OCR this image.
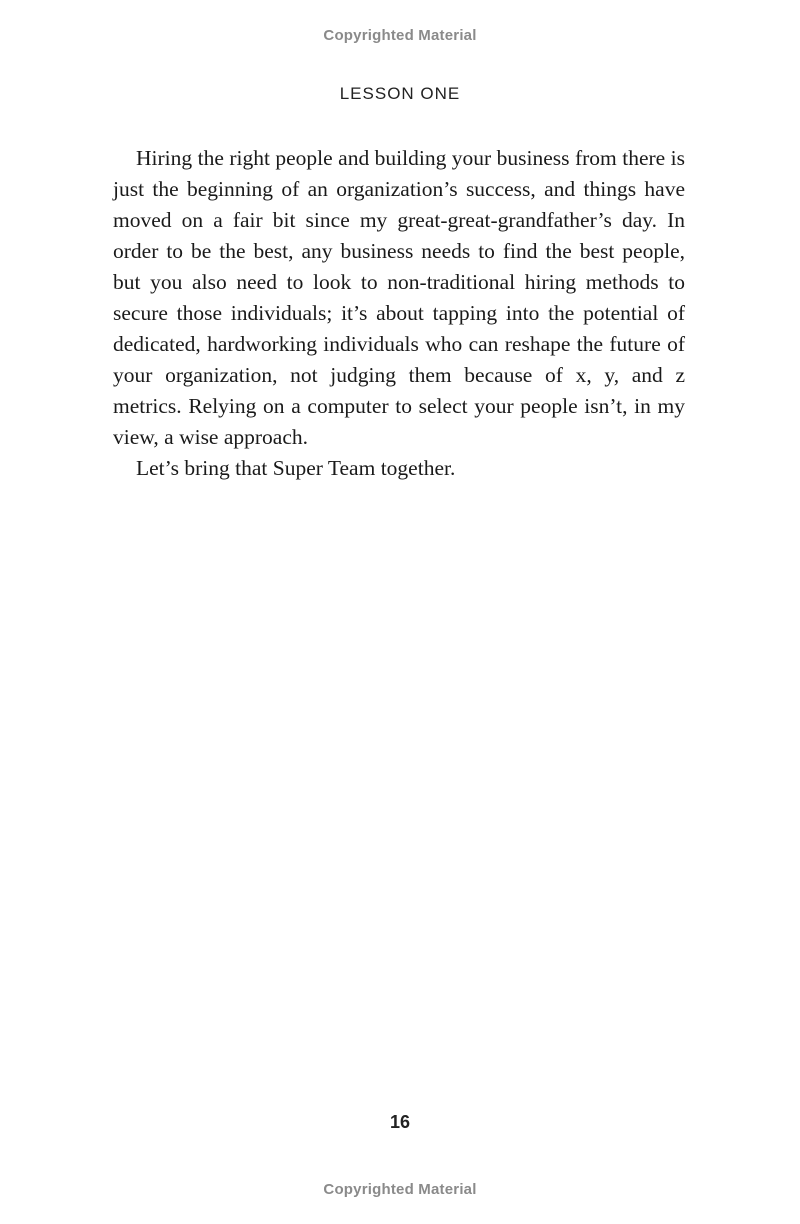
Copyrighted Material
LESSON ONE

Hiring the right people and building your business from there is just the beginning of an organization’s success, and things have moved on a fair bit since my great-great-grandfather’s day. In order to be the best, any business needs to find the best people, but you also need to look to non-traditional hiring methods to secure those individuals; it’s about tapping into the potential of dedicated, hardworking individuals who can reshape the future of your organization, not judging them because of x, y, and z metrics. Relying on a computer to select your people isn’t, in my view, a wise approach.

Let’s bring that Super Team together.

16
Copyrighted Material
